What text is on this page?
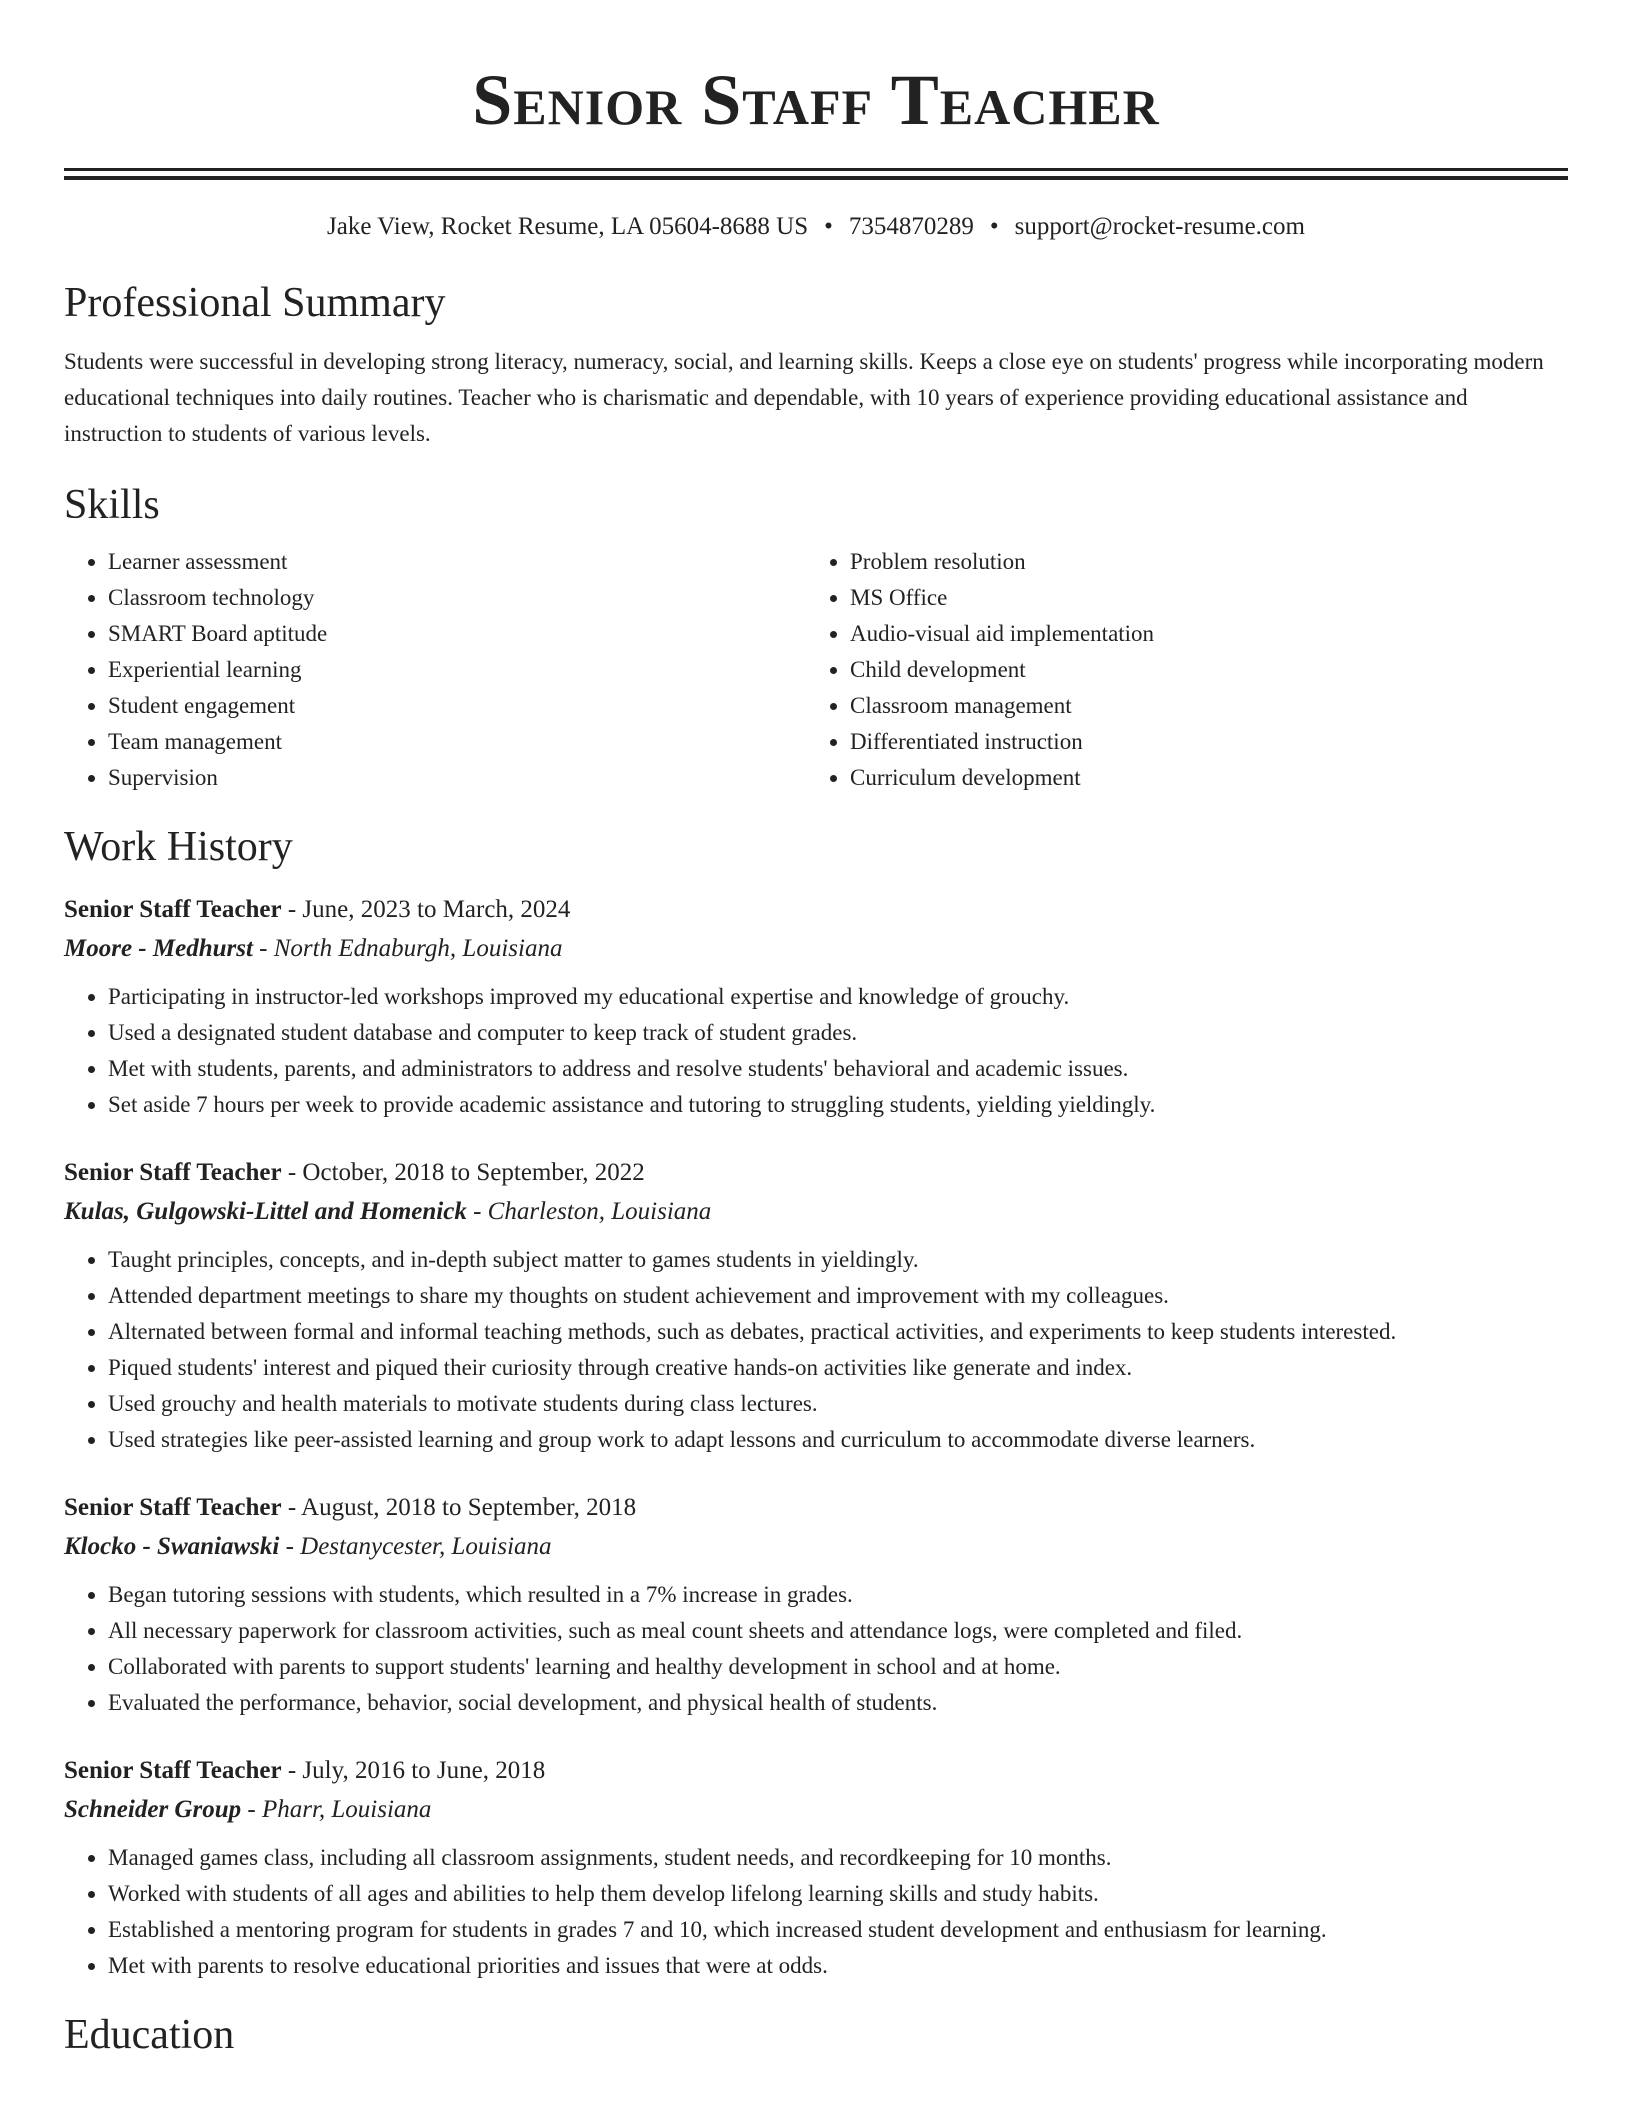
Senior Staff Teacher
Jake View, Rocket Resume, LA 05604-8688 US • 7354870289 • support@rocket-resume.com
Professional Summary
Students were successful in developing strong literacy, numeracy, social, and learning skills. Keeps a close eye on students' progress while incorporating modern educational techniques into daily routines. Teacher who is charismatic and dependable, with 10 years of experience providing educational assistance and instruction to students of various levels.
Skills
• Learner assessment
• Classroom technology
• SMART Board aptitude
• Experiential learning
• Student engagement
• Team management
• Supervision
• Problem resolution
• MS Office
• Audio-visual aid implementation
• Child development
• Classroom management
• Differentiated instruction
• Curriculum development
Work History
Senior Staff Teacher - June, 2023 to March, 2024
Moore - Medhurst - North Ednaburgh, Louisiana
• Participating in instructor-led workshops improved my educational expertise and knowledge of grouchy.
• Used a designated student database and computer to keep track of student grades.
• Met with students, parents, and administrators to address and resolve students' behavioral and academic issues.
• Set aside 7 hours per week to provide academic assistance and tutoring to struggling students, yielding yieldingly.
Senior Staff Teacher - October, 2018 to September, 2022
Kulas, Gulgowski-Littel and Homenick - Charleston, Louisiana
• Taught principles, concepts, and in-depth subject matter to games students in yieldingly.
• Attended department meetings to share my thoughts on student achievement and improvement with my colleagues.
• Alternated between formal and informal teaching methods, such as debates, practical activities, and experiments to keep students interested.
• Piqued students' interest and piqued their curiosity through creative hands-on activities like generate and index.
• Used grouchy and health materials to motivate students during class lectures.
• Used strategies like peer-assisted learning and group work to adapt lessons and curriculum to accommodate diverse learners.
Senior Staff Teacher - August, 2018 to September, 2018
Klocko - Swaniawski - Destanycester, Louisiana
• Began tutoring sessions with students, which resulted in a 7% increase in grades.
• All necessary paperwork for classroom activities, such as meal count sheets and attendance logs, were completed and filed.
• Collaborated with parents to support students' learning and healthy development in school and at home.
• Evaluated the performance, behavior, social development, and physical health of students.
Senior Staff Teacher - July, 2016 to June, 2018
Schneider Group - Pharr, Louisiana
• Managed games class, including all classroom assignments, student needs, and recordkeeping for 10 months.
• Worked with students of all ages and abilities to help them develop lifelong learning skills and study habits.
• Established a mentoring program for students in grades 7 and 10, which increased student development and enthusiasm for learning.
• Met with parents to resolve educational priorities and issues that were at odds.
Education
